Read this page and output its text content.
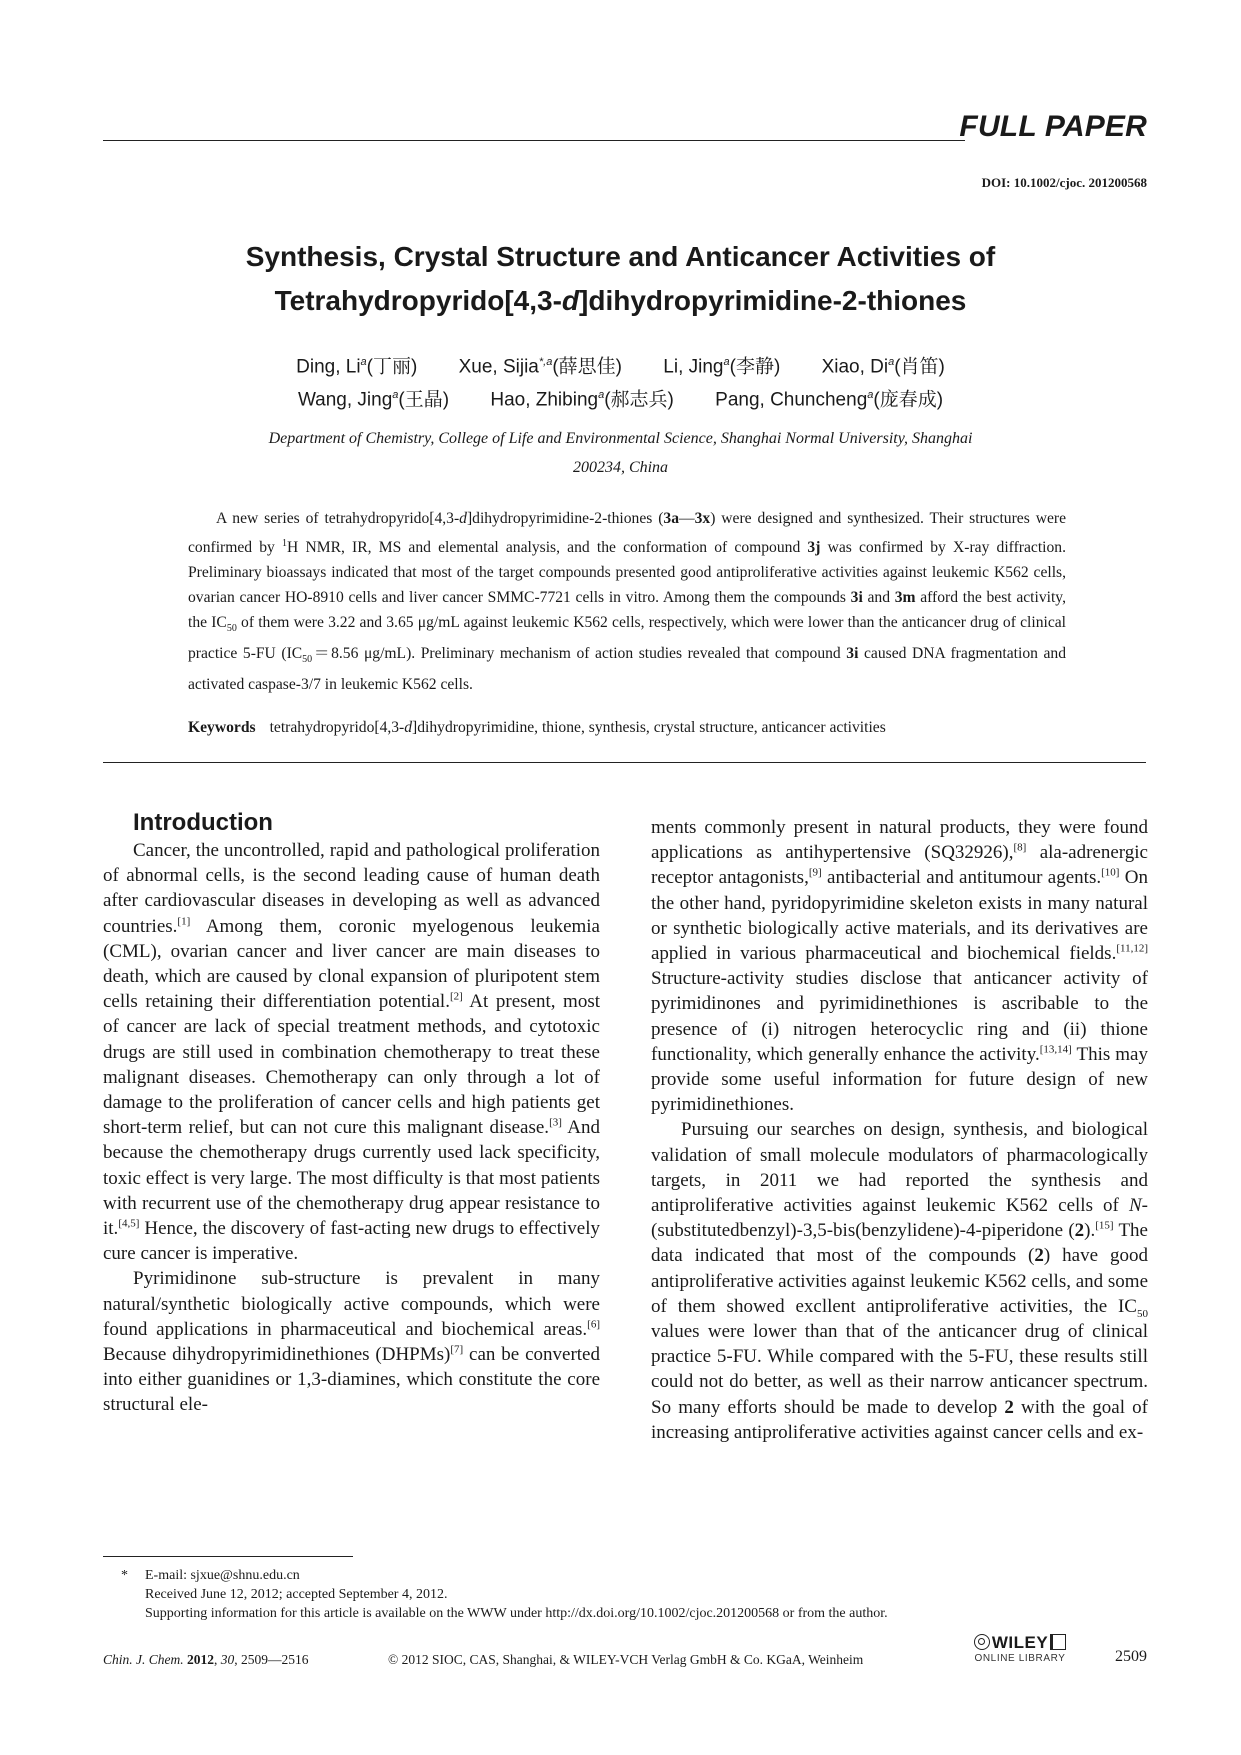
FULL PAPER
DOI: 10.1002/cjoc. 201200568
Synthesis, Crystal Structure and Anticancer Activities of
Tetrahydropyrido[4,3-d]dihydropyrimidine-2-thiones
Ding, Li$^a$(丁丽) Xue, Sijia$^{*,a}$(薛思佳) Li, Jing$^a$(李静) Xiao, Di$^a$(肖笛)
Wang, Jing$^a$(王晶) Hao, Zhibing$^a$(郝志兵) Pang, Chuncheng$^a$(庞春成)
Department of Chemistry, College of Life and Environmental Science, Shanghai Normal University, Shanghai
200234, China
A new series of tetrahydropyrido[4,3-d]dihydropyrimidine-2-thiones (3a—3x) were designed and synthesized. Their structures were confirmed by $^1$H NMR, IR, MS and elemental analysis, and the conformation of compound 3j was confirmed by X-ray diffraction. Preliminary bioassays indicated that most of the target compounds presented good antiproliferative activities against leukemic K562 cells, ovarian cancer HO-8910 cells and liver cancer SMMC-7721 cells in vitro. Among them the compounds 3i and 3m afford the best activity, the $IC_{50}$ of them were 3.22 and 3.65 μg/mL against leukemic K562 cells, respectively, which were lower than the anticancer drug of clinical practice 5-FU ($IC_{50}=8.56$ μg/mL). Preliminary mechanism of action studies revealed that compound 3i caused DNA fragmentation and activated caspase-3/7 in leukemic K562 cells.
Keywords tetrahydropyrido[4,3-d]dihydropyrimidine, thione, synthesis, crystal structure, anticancer activities

Introduction

Cancer, the uncontrolled, rapid and pathological proliferation of abnormal cells, is the second leading cause of human death after cardiovascular diseases in developing as well as advanced countries.[1] Among them, coronic myelogenous leukemia (CML), ovarian cancer and liver cancer are main diseases to death, which are caused by clonal expansion of pluripotent stem cells retaining their differentiation potential.[2] At present, most of cancer are lack of special treatment methods, and cytotoxic drugs are still used in combination chemotherapy to treat these malignant diseases. Chemotherapy can only through a lot of damage to the proliferation of cancer cells and high patients get short-term relief, but can not cure this malignant disease.[3] And because the chemotherapy drugs currently used lack specificity, toxic effect is very large. The most difficulty is that most patients with recurrent use of the chemotherapy drug appear resistance to it.[4,5] Hence, the discovery of fast-acting new drugs to effectively cure cancer is imperative.

Pyrimidinone sub-structure is prevalent in many natural/synthetic biologically active compounds, which were found applications in pharmaceutical and biochemical areas.[6] Because dihydropyrimidinethiones (DHPMs)[7] can be converted into either guanidines or 1,3-diamines, which constitute the core structural ele-

ments commonly present in natural products, they were found applications as antihypertensive (SQ32926),[8] ala-adrenergic receptor antagonists,[9] antibacterial and antitumour agents.[10] On the other hand, pyridopyrimidine skeleton exists in many natural or synthetic biologically active materials, and its derivatives are applied in various pharmaceutical and biochemical fields.[11,12] Structure-activity studies disclose that anticancer activity of pyrimidinones and pyrimidinethiones is ascribable to the presence of (i) nitrogen heterocyclic ring and (ii) thione functionality, which generally enhance the activity.[13,14] This may provide some useful information for future design of new pyrimidinethiones.

Pursuing our searches on design, synthesis, and biological validation of small molecule modulators of pharmacologically targets, in 2011 we had reported the synthesis and antiproliferative activities against leukemic K562 cells of N-(substitutedbenzyl)-3,5-bis(benzylidene)-4-piperidone (2).[15] The data indicated that most of the compounds (2) have good antiproliferative activities against leukemic K562 cells, and some of them showed excllent antiproliferative activities, the $IC_{50}$ values were lower than that of the anticancer drug of clinical practice 5-FU. While compared with the 5-FU, these results still could not do better, as well as their narrow anticancer spectrum. So many efforts should be made to develop 2 with the goal of increasing antiproliferative activities against cancer cells and ex-

* E-mail: sjxue@shnu.edu.cn
Received June 12, 2012; accepted September 4, 2012.
Supporting information for this article is available on the WWW under http://dx.doi.org/10.1002/cjoc.201200568 or from the author.
Chin. J. Chem. 2012, 30, 2509—2516	© 2012 SIOC, CAS, Shanghai, & WILEY-VCH Verlag GmbH & Co. KGaA, Weinheim
WILEY
ONLINE LIBRARY	2509
